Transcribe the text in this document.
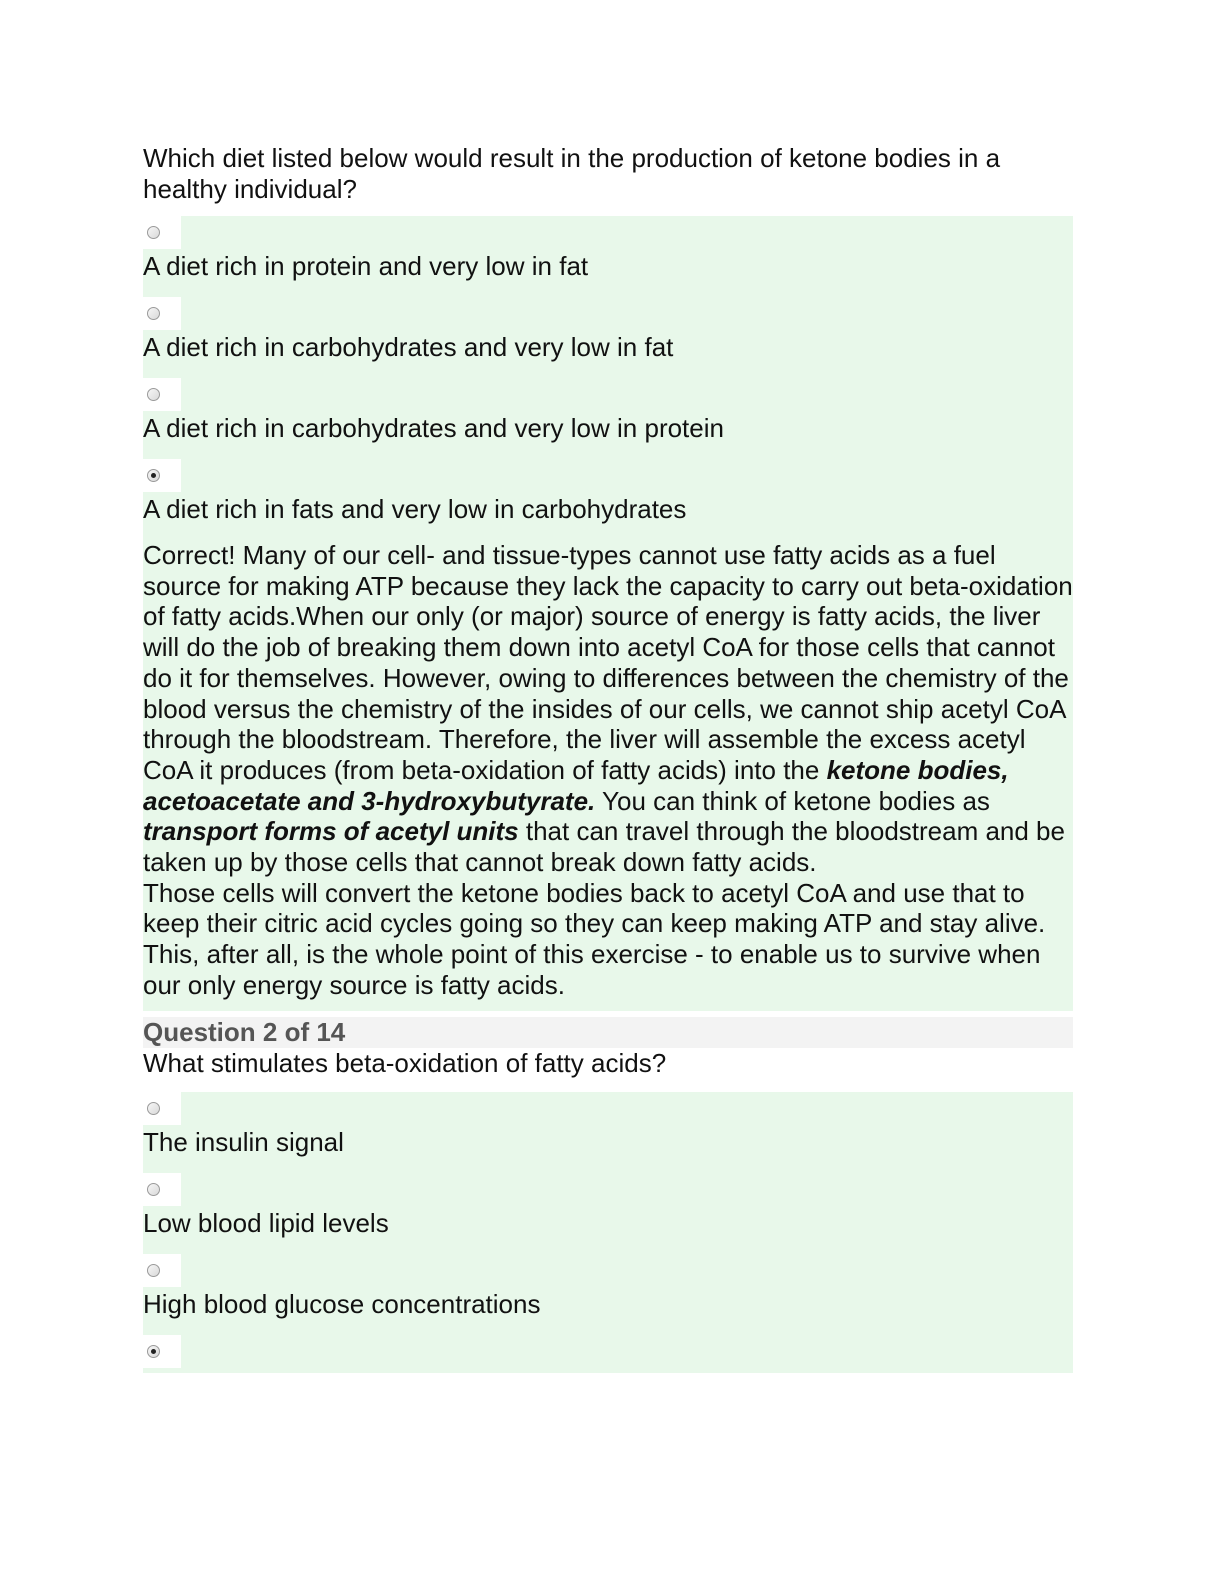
Which diet listed below would result in the production of ketone bodies in a healthy individual?

A diet rich in protein and very low in fat
A diet rich in carbohydrates and very low in fat
A diet rich in carbohydrates and very low in protein
A diet rich in fats and very low in carbohydrates

Correct! Many of our cell- and tissue-types cannot use fatty acids as a fuel source for making ATP because they lack the capacity to carry out beta-oxidation of fatty acids.When our only (or major) source of energy is fatty acids, the liver will do the job of breaking them down into acetyl CoA for those cells that cannot do it for themselves. However, owing to differences between the chemistry of the blood versus the chemistry of the insides of our cells, we cannot ship acetyl CoA through the bloodstream. Therefore, the liver will assemble the excess acetyl CoA it produces (from beta-oxidation of fatty acids) into the ketone bodies, acetoacetate and 3-hydroxybutyrate. You can think of ketone bodies as transport forms of acetyl units that can travel through the bloodstream and be taken up by those cells that cannot break down fatty acids.
Those cells will convert the ketone bodies back to acetyl CoA and use that to keep their citric acid cycles going so they can keep making ATP and stay alive. This, after all, is the whole point of this exercise - to enable us to survive when our only energy source is fatty acids.

Question 2 of 14

What stimulates beta-oxidation of fatty acids?

The insulin signal
Low blood lipid levels
High blood glucose concentrations
